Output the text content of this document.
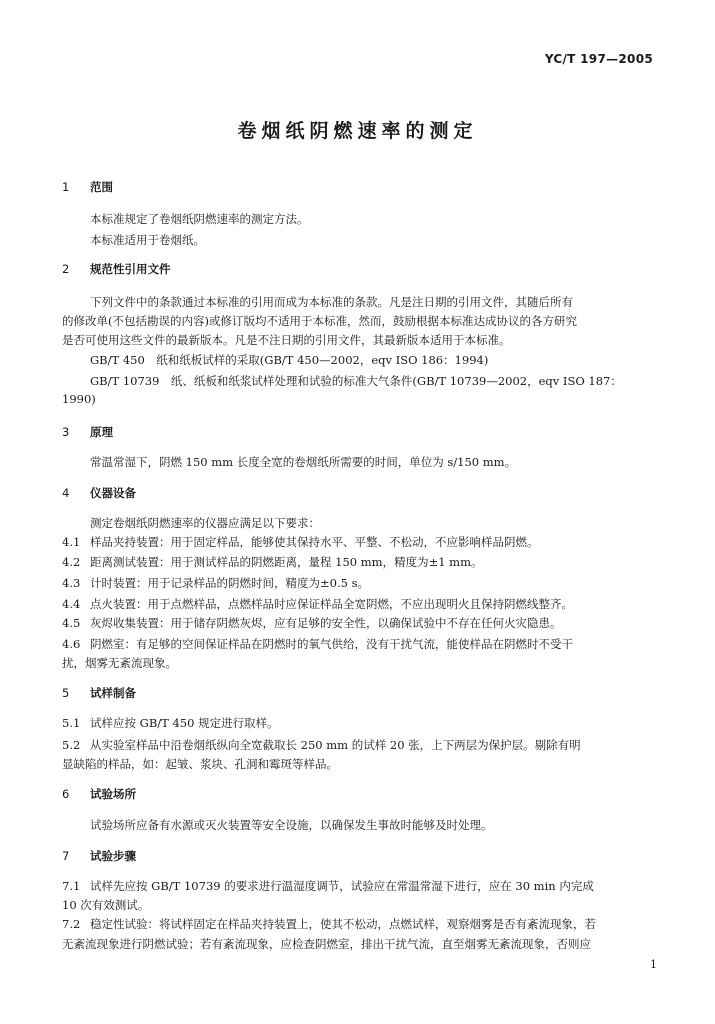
YC/T 197—2005
卷烟纸阴燃速率的测定
1 范围
本标准规定了卷烟纸阴燃速率的测定方法。
本标准适用于卷烟纸。
2 规范性引用文件
下列文件中的条款通过本标准的引用而成为本标准的条款。凡是注日期的引用文件，其随后所有
的修改单(不包括勘误的内容)或修订版均不适用于本标准，然而，鼓励根据本标准达成协议的各方研究
是否可使用这些文件的最新版本。凡是不注日期的引用文件，其最新版本适用于本标准。
GB/T 450　纸和纸板试样的采取(GB/T 450—2002，eqv ISO 186：1994)
GB/T 10739　纸、纸板和纸浆试样处理和试验的标准大气条件(GB/T 10739—2002，eqv ISO 187：
1990)
3 原理
常温常湿下，阴燃 150 mm 长度全宽的卷烟纸所需要的时间，单位为 s/150 mm。
4 仪器设备
测定卷烟纸阴燃速率的仪器应满足以下要求：
4.1 样品夹持装置：用于固定样品，能够使其保持水平、平整、不松动，不应影响样品阴燃。
4.2 距离测试装置：用于测试样品的阴燃距离，量程 150 mm，精度为±1 mm。
4.3 计时装置：用于记录样品的阴燃时间，精度为±0.5 s。
4.4 点火装置：用于点燃样品，点燃样品时应保证样品全宽阴燃，不应出现明火且保持阴燃线整齐。
4.5 灰烬收集装置：用于储存阴燃灰烬，应有足够的安全性，以确保试验中不存在任何火灾隐患。
4.6 阴燃室：有足够的空间保证样品在阴燃时的氧气供给，没有干扰气流，能使样品在阴燃时不受干
扰，烟雾无紊流现象。
5 试样制备
5.1 试样应按 GB/T 450 规定进行取样。
5.2 从实验室样品中沿卷烟纸纵向全宽截取长 250 mm 的试样 20 张，上下两层为保护层。剔除有明
显缺陷的样品，如：起皱、浆块、孔洞和霉斑等样品。
6 试验场所
试验场所应备有水源或灭火装置等安全设施，以确保发生事故时能够及时处理。
7 试验步骤
7.1 试样先应按 GB/T 10739 的要求进行温湿度调节，试验应在常温常湿下进行，应在 30 min 内完成
10 次有效测试。
7.2 稳定性试验：将试样固定在样品夹持装置上，使其不松动，点燃试样，观察烟雾是否有紊流现象，若
无紊流现象进行阴燃试验；若有紊流现象，应检查阴燃室，排出干扰气流，直至烟雾无紊流现象，否则应
1
